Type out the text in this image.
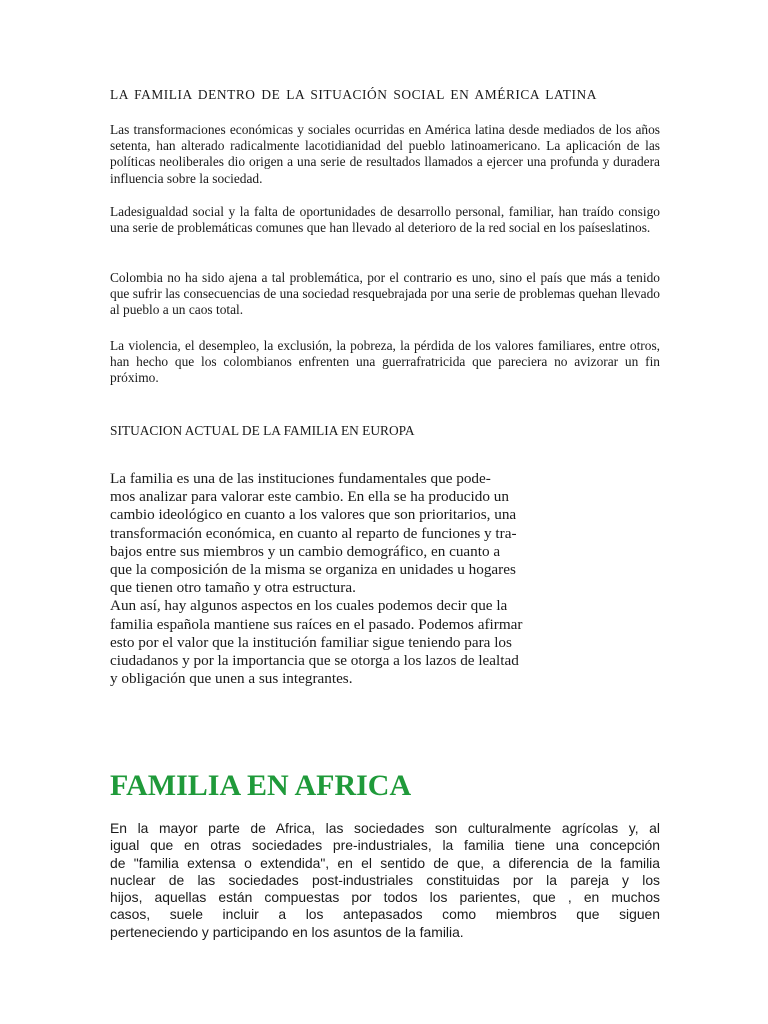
LA FAMILIA DENTRO DE LA SITUACIÓN SOCIAL EN AMÉRICA LATINA
Las transformaciones económicas y sociales ocurridas en América latina desde mediados de los años setenta, han alterado radicalmente lacotidianidad del pueblo latinoamericano. La aplicación de las políticas neoliberales dio origen a una serie de resultados llamados a ejercer una profunda y duradera influencia sobre la sociedad.
Ladesigualdad social y la falta de oportunidades de desarrollo personal, familiar, han traído consigo una serie de problemáticas comunes que han llevado al deterioro de la red social en los paíseslatinos.
Colombia no ha sido ajena a tal problemática, por el contrario es uno, sino el país que más a tenido que sufrir las consecuencias de una sociedad resquebrajada por una serie de problemas quehan llevado al pueblo a un caos total.
La violencia, el desempleo, la exclusión, la pobreza, la pérdida de los valores familiares, entre otros, han hecho que los colombianos enfrenten una guerrafratricida que pareciera no avizorar un fin próximo.
SITUACION ACTUAL DE LA FAMILIA EN EUROPA
La familia es una de las instituciones fundamentales que pode-
mos analizar para valorar este cambio. En ella se ha producido un
cambio ideológico en cuanto a los valores que son prioritarios, una
transformación económica, en cuanto al reparto de funciones y tra-
bajos entre sus miembros y un cambio demográfico, en cuanto a
que la composición de la misma se organiza en unidades u hogares
que tienen otro tamaño y otra estructura.
Aun así, hay algunos aspectos en los cuales podemos decir que la
familia española mantiene sus raíces en el pasado. Podemos afirmar
esto por el valor que la institución familiar sigue teniendo para los
ciudadanos y por la importancia que se otorga a los lazos de lealtad
y obligación que unen a sus integrantes.
FAMILIA EN AFRICA
En la mayor parte de Africa, las sociedades son culturalmente agrícolas y, al
igual que en otras sociedades pre-industriales, la familia tiene una concepción
de "familia extensa o extendida", en el sentido de que, a diferencia de la familia
nuclear de las sociedades post-industriales constituidas por la pareja y los
hijos, aquellas están compuestas por todos los parientes, que , en muchos
casos, suele incluir a los antepasados como miembros que siguen
perteneciendo y participando en los asuntos de la familia.
